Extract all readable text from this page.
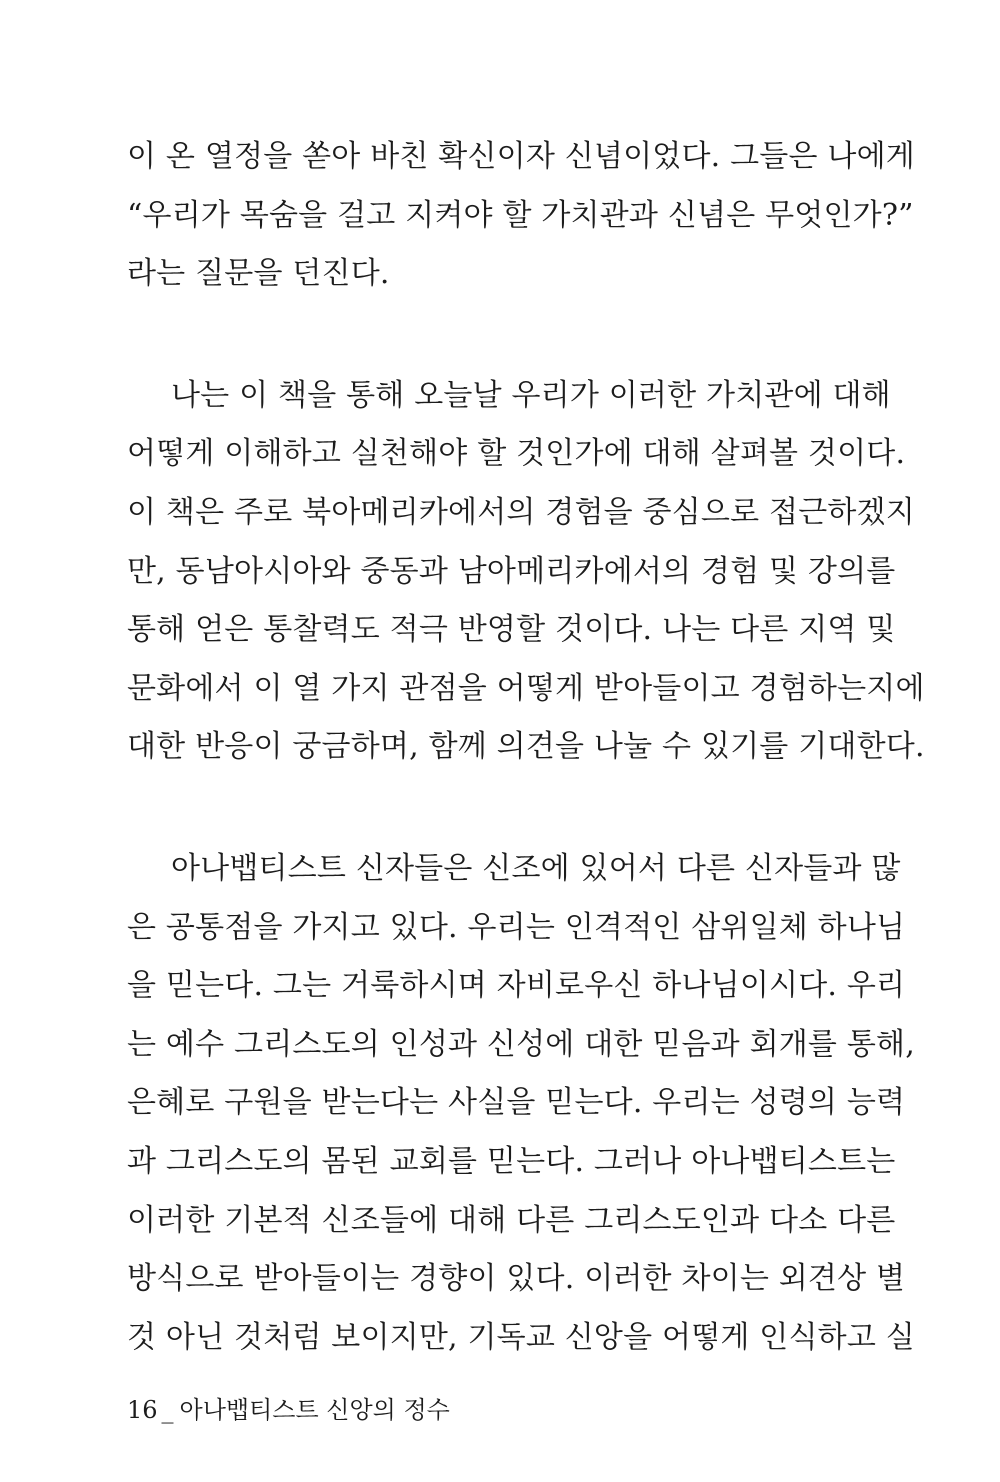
이 온 열정을 쏟아 바친 확신이자 신념이었다. 그들은 나에게
“우리가 목숨을 걸고 지켜야 할 가치관과 신념은 무엇인가?”
라는 질문을 던진다.
나는 이 책을 통해 오늘날 우리가 이러한 가치관에 대해
어떻게 이해하고 실천해야 할 것인가에 대해 살펴볼 것이다.
이 책은 주로 북아메리카에서의 경험을 중심으로 접근하겠지
만, 동남아시아와 중동과 남아메리카에서의 경험 및 강의를
통해 얻은 통찰력도 적극 반영할 것이다. 나는 다른 지역 및
문화에서 이 열 가지 관점을 어떻게 받아들이고 경험하는지에
대한 반응이 궁금하며, 함께 의견을 나눌 수 있기를 기대한다.
아나뱁티스트 신자들은 신조에 있어서 다른 신자들과 많
은 공통점을 가지고 있다. 우리는 인격적인 삼위일체 하나님
을 믿는다. 그는 거룩하시며 자비로우신 하나님이시다. 우리
는 예수 그리스도의 인성과 신성에 대한 믿음과 회개를 통해,
은혜로 구원을 받는다는 사실을 믿는다. 우리는 성령의 능력
과 그리스도의 몸된 교회를 믿는다. 그러나 아나뱁티스트는
이러한 기본적 신조들에 대해 다른 그리스도인과 다소 다른
방식으로 받아들이는 경향이 있다. 이러한 차이는 외견상 별
것 아닌 것처럼 보이지만, 기독교 신앙을 어떻게 인식하고 실
16 _ 아나뱁티스트 신앙의 정수
